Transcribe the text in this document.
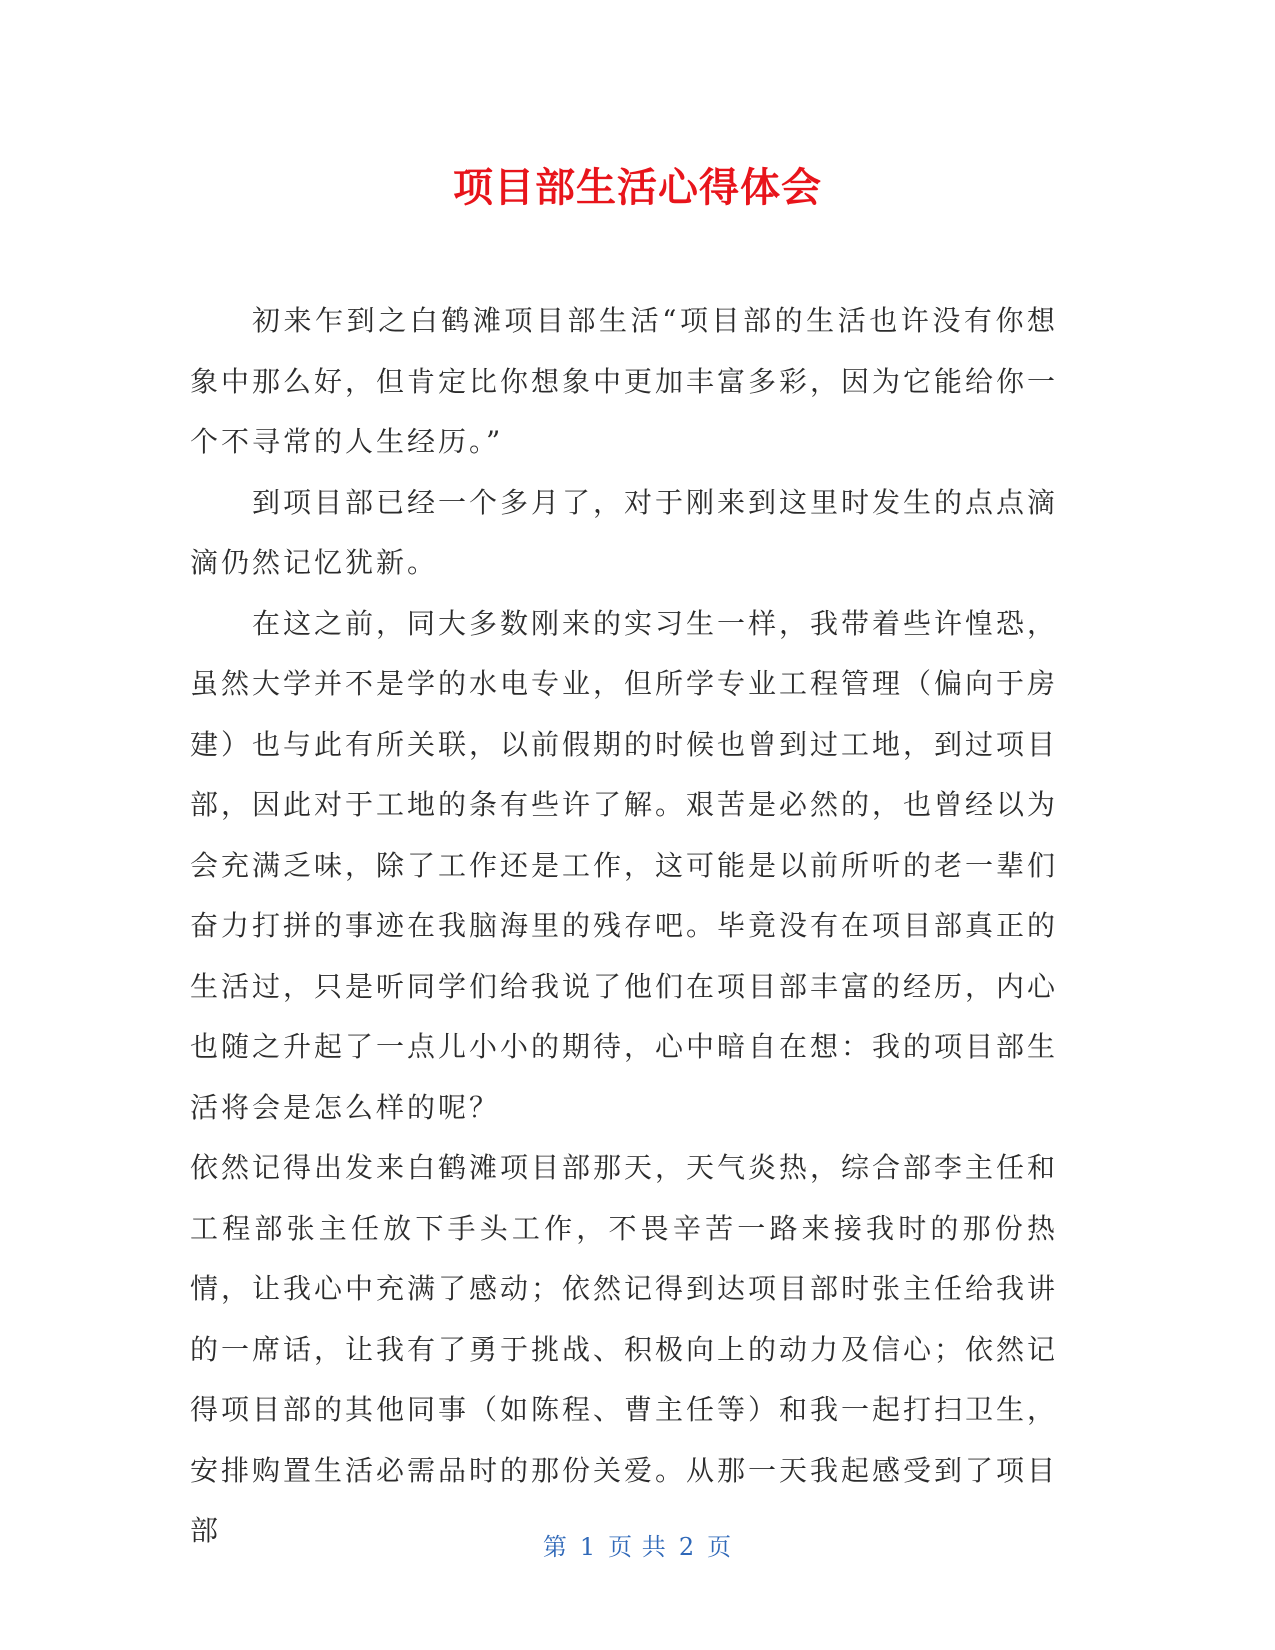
项目部生活心得体会

初来乍到之白鹤滩项目部生活“项目部的生活也许没有你想象中那么好，但肯定比你想象中更加丰富多彩，因为它能给你一个不寻常的人生经历。”

到项目部已经一个多月了，对于刚来到这里时发生的点点滴滴仍然记忆犹新。

在这之前，同大多数刚来的实习生一样，我带着些许惶恐，虽然大学并不是学的水电专业，但所学专业工程管理（偏向于房建）也与此有所关联，以前假期的时候也曾到过工地，到过项目部，因此对于工地的条有些许了解。艰苦是必然的，也曾经以为会充满乏味，除了工作还是工作，这可能是以前所听的老一辈们奋力打拼的事迹在我脑海里的残存吧。毕竟没有在项目部真正的生活过，只是听同学们给我说了他们在项目部丰富的经历，内心也随之升起了一点儿小小的期待，心中暗自在想：我的项目部生活将会是怎么样的呢？

依然记得出发来白鹤滩项目部那天，天气炎热，综合部李主任和工程部张主任放下手头工作，不畏辛苦一路来接我时的那份热情，让我心中充满了感动；依然记得到达项目部时张主任给我讲的一席话，让我有了勇于挑战、积极向上的动力及信心；依然记得项目部的其他同事（如陈程、曹主任等）和我一起打扫卫生，安排购置生活必需品时的那份关爱。从那一天我起感受到了项目部	第 1 页 共 2 页
